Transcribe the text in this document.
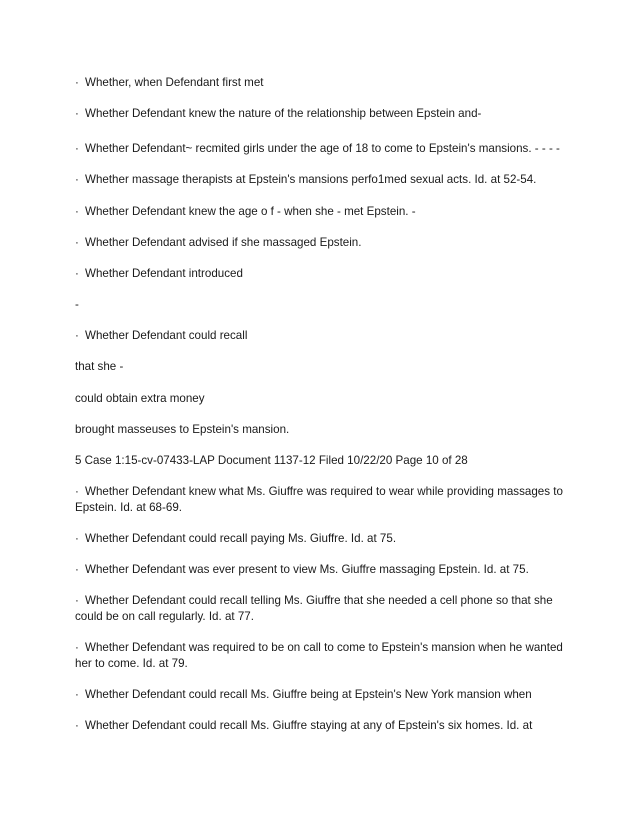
· Whether, when Defendant first met
· Whether Defendant knew the nature of the relationship between Epstein and-
· Whether Defendant~ recmited girls under the age of 18 to come to Epstein's mansions. - - - -
· Whether massage therapists at Epstein's mansions perfo1med sexual acts. Id. at 52-54.
· Whether Defendant knew the age o f - when she - met Epstein. -
· Whether Defendant advised if she massaged Epstein.
· Whether Defendant introduced
-
· Whether Defendant could recall
that she -
could obtain extra money
brought masseuses to Epstein's mansion.
5 Case 1:15-cv-07433-LAP Document 1137-12 Filed 10/22/20 Page 10 of 28
· Whether Defendant knew what Ms. Giuffre was required to wear while providing massages to Epstein. Id. at 68-69.
· Whether Defendant could recall paying Ms. Giuffre. Id. at 75.
· Whether Defendant was ever present to view Ms. Giuffre massaging Epstein. Id. at 75.
· Whether Defendant could recall telling Ms. Giuffre that she needed a cell phone so that she could be on call regularly. Id. at 77.
· Whether Defendant was required to be on call to come to Epstein's mansion when he wanted her to come. Id. at 79.
· Whether Defendant could recall Ms. Giuffre being at Epstein's New York mansion when
· Whether Defendant could recall Ms. Giuffre staying at any of Epstein's six homes. Id. at
